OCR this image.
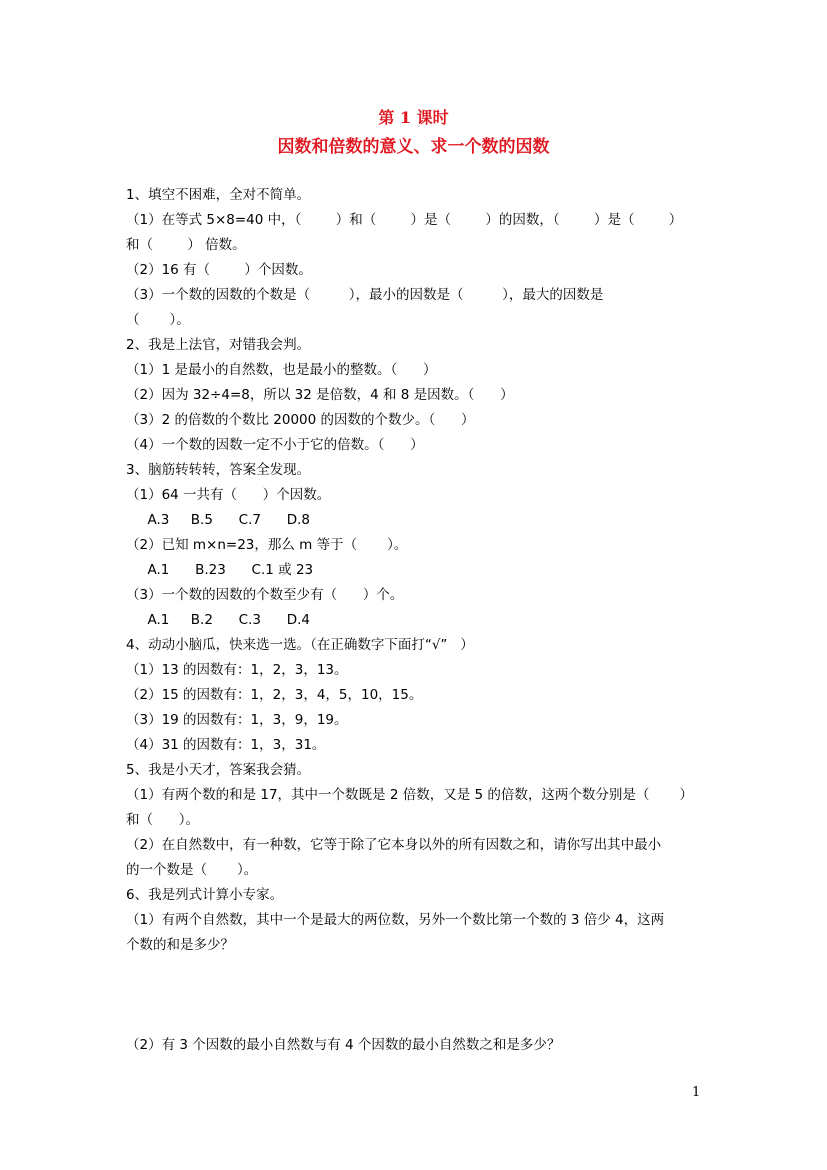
第 1 课时
因数和倍数的意义、求一个数的因数
1、填空不困难，全对不简单。
（1）在等式 5×8=40 中，（        ）和（        ）是（        ）的因数，（        ）是（        ）
和（        ） 倍数。
（2）16 有（        ）个因数。
（3）一个数的因数的个数是（         ），最小的因数是（         ），最大的因数是
（       ）。
2、我是上法官，对错我会判。
（1）1 是最小的自然数，也是最小的整数。（      ）
（2）因为 32÷4=8，所以 32 是倍数，4 和 8 是因数。（      ）
（3）2 的倍数的个数比 20000 的因数的个数少。（      ）
（4）一个数的因数一定不小于它的倍数。（      ）
3、脑筋转转转，答案全发现。
（1）64 一共有（      ）个因数。
A.3     B.5      C.7      D.8
（2）已知 m×n=23，那么 m 等于（       ）。
A.1      B.23      C.1 或 23
（3）一个数的因数的个数至少有（      ）个。
A.1     B.2      C.3      D.4
4、动动小脑瓜，快来选一选。（在正确数字下面打“√”   ）
（1）13 的因数有：1，2，3，13。
（2）15 的因数有：1，2，3，4，5，10，15。
（3）19 的因数有：1，3，9，19。
（4）31 的因数有：1，3，31。
5、我是小天才，答案我会猜。
（1）有两个数的和是 17，其中一个数既是 2 倍数，又是 5 的倍数，这两个数分别是（       ）
和（      ）。
（2）在自然数中，有一种数，它等于除了它本身以外的所有因数之和，请你写出其中最小
的一个数是（       ）。
6、我是列式计算小专家。
（1）有两个自然数，其中一个是最大的两位数，另外一个数比第一个数的 3 倍少 4，这两
个数的和是多少？
（2）有 3 个因数的最小自然数与有 4 个因数的最小自然数之和是多少？
1
